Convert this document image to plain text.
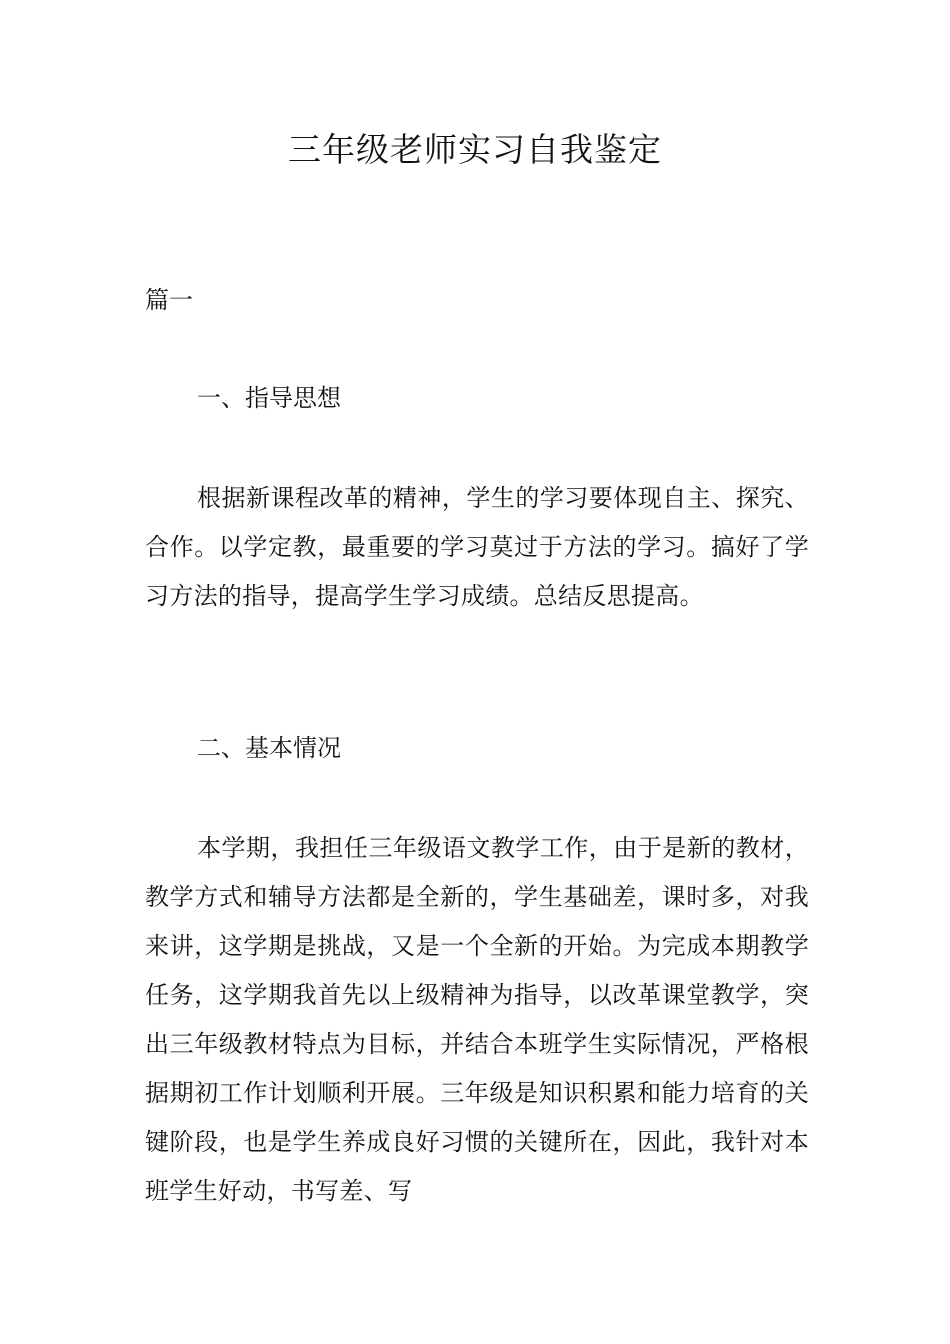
三年级老师实习自我鉴定

篇一

一、指导思想

根据新课程改革的精神，学生的学习要体现自主、探究、合作。以学定教，最重要的学习莫过于方法的学习。搞好了学习方法的指导，提高学生学习成绩。总结反思提高。

二、基本情况

本学期，我担任三年级语文教学工作，由于是新的教材，教学方式和辅导方法都是全新的，学生基础差，课时多，对我来讲，这学期是挑战，又是一个全新的开始。为完成本期教学任务，这学期我首先以上级精神为指导，以改革课堂教学，突出三年级教材特点为目标，并结合本班学生实际情况，严格根据期初工作计划顺利开展。三年级是知识积累和能力培育的关键阶段，也是学生养成良好习惯的关键所在，因此，我针对本班学生好动，书写差、写
